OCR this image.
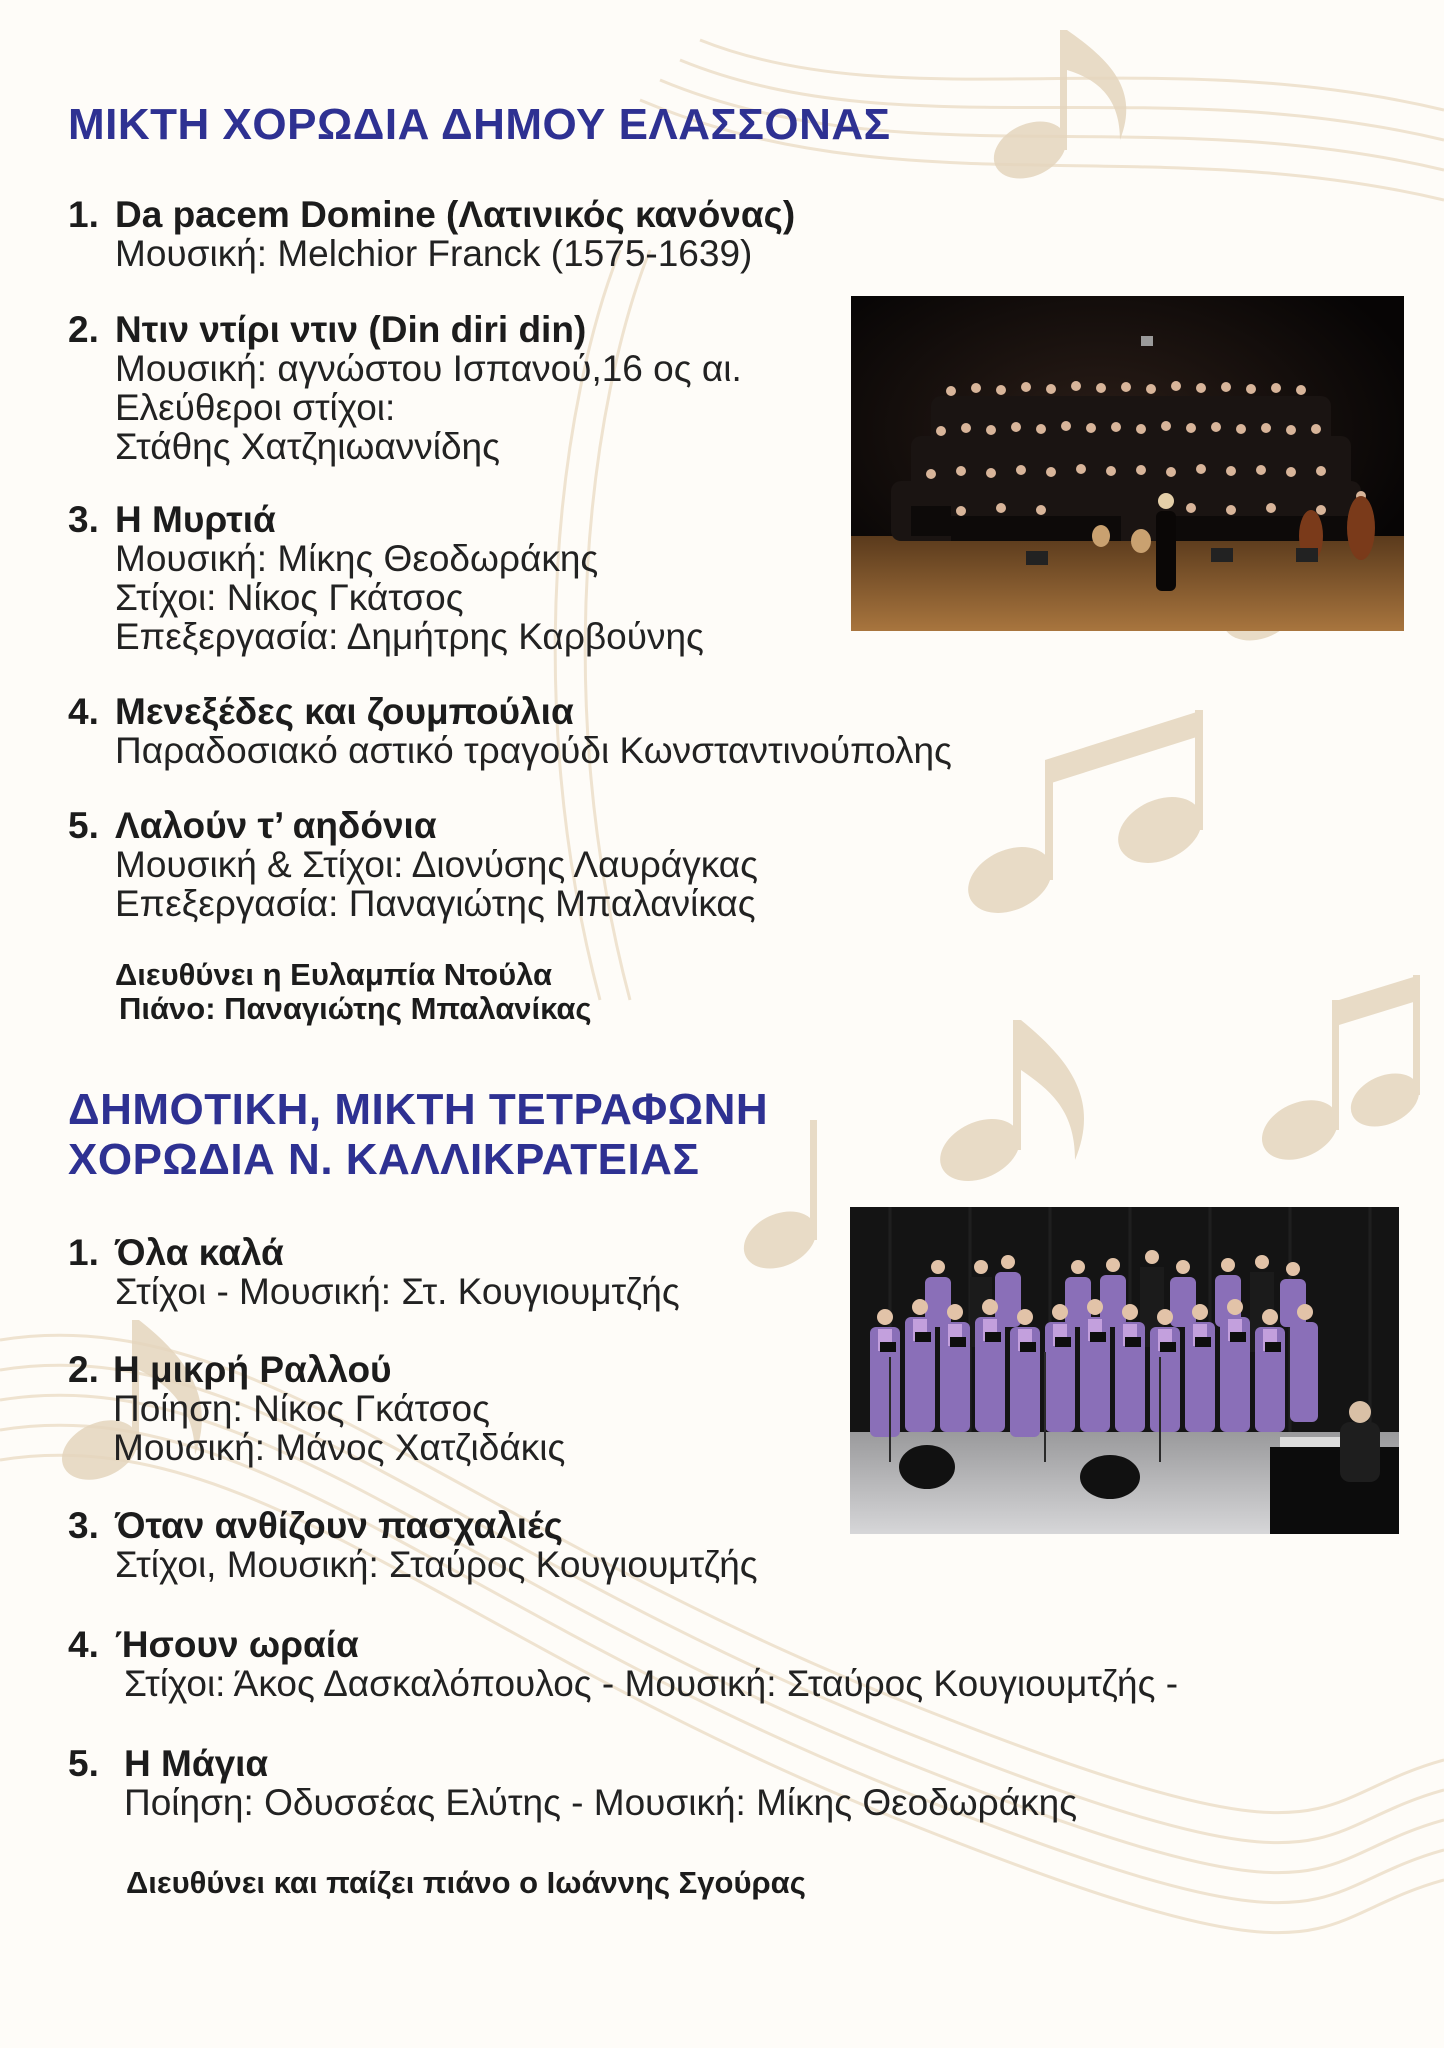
ΜΙΚΤΗ ΧΟΡΩΔΙΑ ΔΗΜΟΥ ΕΛΑΣΣΟΝΑΣ
1. Da pacem Domine (Λατινικός κανόνας)
Μουσική: Melchior Franck (1575-1639)
2. Ντιν ντίρι ντιν (Din diri din)
Μουσική: αγνώστου Ισπανού,16 ος αι.
Ελεύθεροι στίχοι:
Στάθης Χατζηιωαννίδης
3. Η Μυρτιά
Μουσική: Μίκης Θεοδωράκης
Στίχοι: Νίκος Γκάτσος
Επεξεργασία: Δημήτρης Καρβούνης
4. Μενεξέδες και ζουμπούλια
Παραδοσιακό αστικό τραγούδι Κωνσταντινούπολης
5. Λαλούν τ’ αηδόνια
Μουσική & Στίχοι: Διονύσης Λαυράγκας
Επεξεργασία: Παναγιώτης Μπαλανίκας
Διευθύνει η Ευλαμπία Ντούλα
Πιάνο: Παναγιώτης Μπαλανίκας
ΔΗΜΟΤΙΚΗ, ΜΙΚΤΗ ΤΕΤΡΑΦΩΝΗ
ΧΟΡΩΔΙΑ Ν. ΚΑΛΛΙΚΡΑΤΕΙΑΣ
1. Όλα καλά
Στίχοι - Μουσική: Στ. Κουγιουμτζής
2. Η μικρή Ραλλού
Ποίηση: Νίκος Γκάτσος
Μουσική: Μάνος Χατζιδάκις
3. Όταν ανθίζουν πασχαλιές
Στίχοι, Μουσική: Σταύρος Κουγιουμτζής
4. Ήσουν ωραία
Στίχοι: Άκος Δασκαλόπουλος - Μουσική: Σταύρος Κουγιουμτζής -
5. Η Μάγια
Ποίηση: Οδυσσέας Ελύτης - Μουσική: Μίκης Θεοδωράκης
Διευθύνει και παίζει πιάνο ο Ιωάννης Σγούρας
